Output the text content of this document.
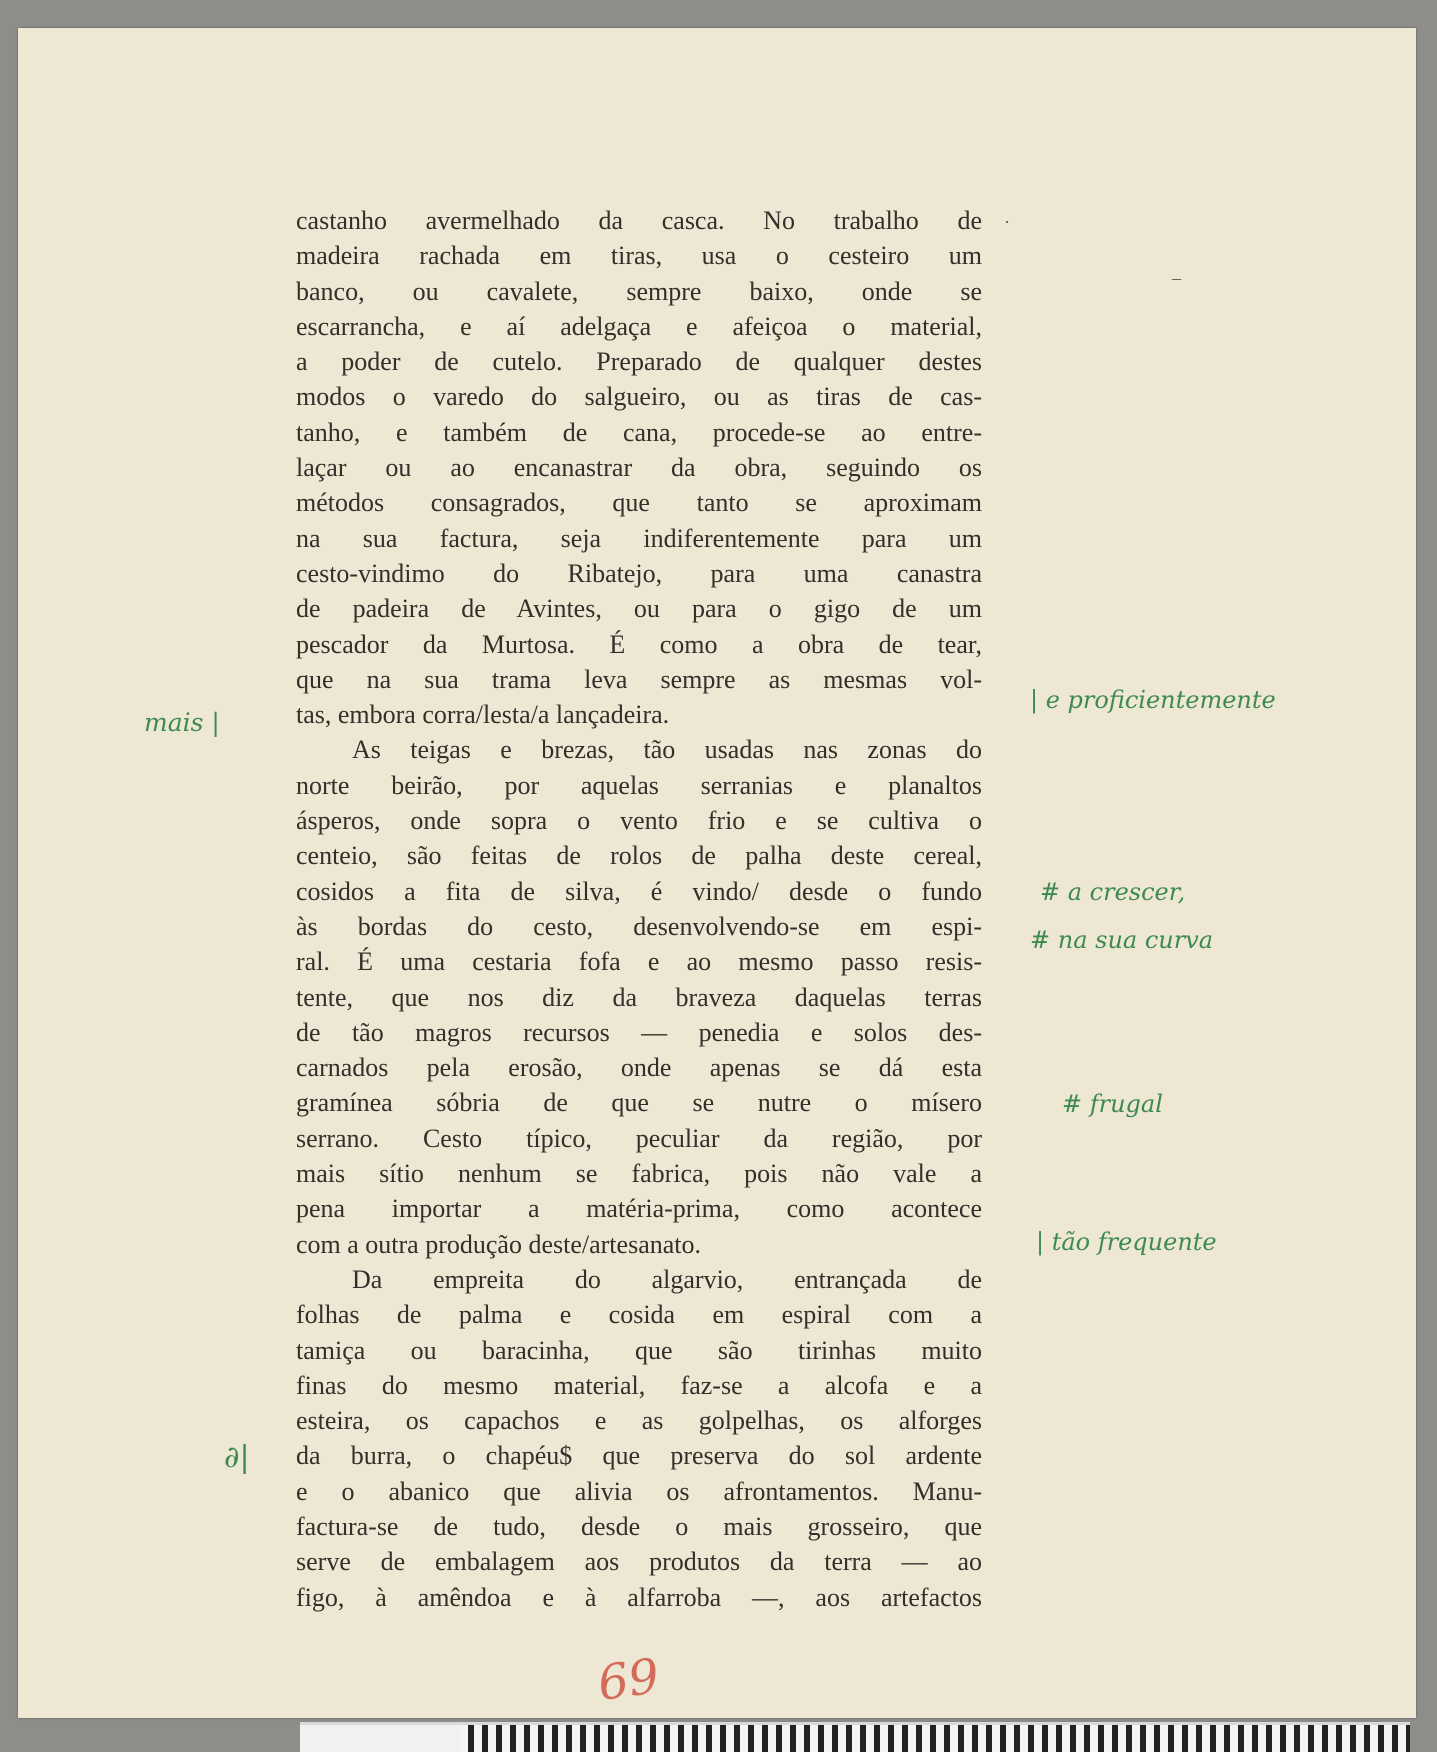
castanho avermelhado da casca. No trabalho de
madeira rachada em tiras, usa o cesteiro um
banco, ou cavalete, sempre baixo, onde se
escarrancha, e aí adelgaça e afeiçoa o material,
a poder de cutelo. Preparado de qualquer destes
modos o varedo do salgueiro, ou as tiras de cas-
tanho, e também de cana, procede-se ao entre-
laçar ou ao encanastrar da obra, seguindo os
métodos consagrados, que tanto se aproximam
na sua factura, seja indiferentemente para um
cesto-vindimo do Ribatejo, para uma canastra
de padeira de Avintes, ou para o gigo de um
pescador da Murtosa. É como a obra de tear,
que na sua trama leva sempre as mesmas vol-
tas, embora corra/lesta/a lançadeira.
As teigas e brezas, tão usadas nas zonas do
norte beirão, por aquelas serranias e planaltos
ásperos, onde sopra o vento frio e se cultiva o
centeio, são feitas de rolos de palha deste cereal,
cosidos a fita de silva, é vindo/ desde o fundo
às bordas do cesto, desenvolvendo-se em espi-
ral. É uma cestaria fofa e ao mesmo passo resis-
tente, que nos diz da braveza daquelas terras
de tão magros recursos — penedia e solos des-
carnados pela erosão, onde apenas se dá esta
gramínea sóbria de que se nutre o mísero
serrano. Cesto típico, peculiar da região, por
mais sítio nenhum se fabrica, pois não vale a
pena importar a matéria-prima, como acontece
com a outra produção deste/artesanato.
Da empreita do algarvio, entrançada de
folhas de palma e cosida em espiral com a
tamiça ou baracinha, que são tirinhas muito
finas do mesmo material, faz-se a alcofa e a
esteira, os capachos e as golpelhas, os alforges
da burra, o chapéu$ que preserva do sol ardente
e o abanico que alivia os afrontamentos. Manu-
factura-se de tudo, desde o mais grosseiro, que
serve de embalagem aos produtos da terra — ao
figo, à amêndoa e à alfarroba —, aos artefactos
mais |
| e proficientemente
# a crescer,
# na sua curva
# frugal
| tão frequente
∂|
·
–
69
